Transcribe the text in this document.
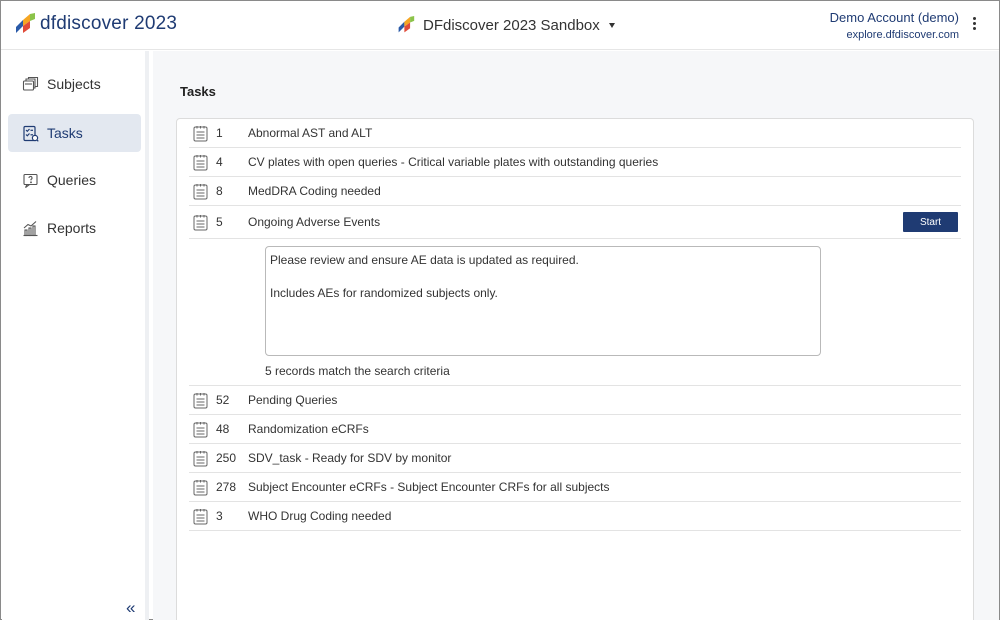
dfdiscover 2023	DFdiscover 2023 Sandbox	Demo Account (demo)
explore.dfdiscover.com
Subjects
Tasks
Queries
Reports
«
Tasks
1	Abnormal AST and ALT
4	CV plates with open queries - Critical variable plates with outstanding queries
8	MedDRA Coding needed
5	Ongoing Adverse Events	Start

Please review and ensure AE data is updated as required.

Includes AEs for randomized subjects only.

5 records match the search criteria
52	Pending Queries
48	Randomization eCRFs
250 SDV_task - Ready for SDV by monitor
278 Subject Encounter eCRFs - Subject Encounter CRFs for all subjects
3	WHO Drug Coding needed
